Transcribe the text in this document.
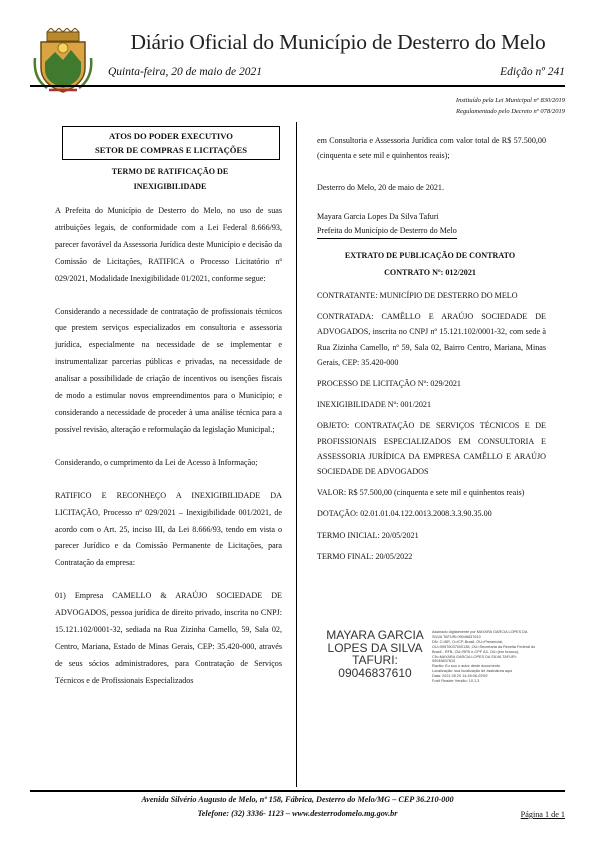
Diário Oficial do Município de Desterro do Melo
Quinta-feira, 20 de maio de 2021	Edição nº 241
Instituído pela Lei Municipal nº 830/2019
Regulamentado pelo Decreto nº 078/2019
ATOS DO PODER EXECUTIVO
SETOR DE COMPRAS E LICITAÇÕES
TERMO DE RATIFICAÇÃO DE
INEXIGIBILIDADE

A Prefeita do Município de Desterro do Melo, no uso de suas atribuições legais, de conformidade com a Lei Federal 8.666/93, parecer favorável da Assessoria Jurídica deste Município e decisão da Comissão de Licitações, RATIFICA o Processo Licitatório nº 029/2021, Modalidade Inexigibilidade 01/2021, conforme segue:

Considerando a necessidade de contratação de profissionais técnicos que prestem serviços especializados em consultoria e assessoria jurídica, especialmente na necessidade de se implementar e instrumentalizar parcerias públicas e privadas, na necessidade de analisar a possibilidade de criação de incentivos ou isenções fiscais de modo a estimular novos empreendimentos para o Município; e considerando a necessidade de proceder à uma análise técnica para a possível revisão, alteração e reformulação da legislação Municipal.;

Considerando, o cumprimento da Lei de Acesso à Informação;

RATIFICO E RECONHEÇO A INEXIGIBILIDADE DA LICITAÇÃO, Processo nº 029/2021 – Inexigibilidade 001/2021, de acordo com o Art. 25, inciso III, da Lei 8.666/93, tendo em vista o parecer Jurídico e da Comissão Permanente de Licitações, para Contratação da empresa:

01) Empresa CAMELLO & ARAÚJO SOCIEDADE DE ADVOGADOS, pessoa jurídica de direito privado, inscrita no CNPJ: 15.121.102/0001-32, sediada na Rua Zizinha Camello, 59, Sala 02, Centro, Mariana, Estado de Minas Gerais, CEP: 35.420-000, através de seus sócios administradores, para Contratação de Serviços Técnicos e de Profissionais Especializados

em Consultoria e Assessoria Jurídica com valor total de R$ 57.500,00 (cinquenta e sete mil e quinhentos reais);

Desterro do Melo, 20 de maio de 2021.
Mayara Garcia Lopes Da Silva Tafuri
Prefeita do Município de Desterro do Melo
EXTRATO DE PUBLICAÇÃO DE CONTRATO
CONTRATO Nº: 012/2021

CONTRATANTE: MUNICÍPIO DE DESTERRO DO MELO

CONTRATADA: CAMÊLLO E ARAÚJO SOCIEDADE DE ADVOGADOS, inscrita no CNPJ nº 15.121.102/0001-32, com sede à Rua Zizinha Camello, nº 59, Sala 02, Bairro Centro, Mariana, Minas Gerais, CEP: 35.420-000

PROCESSO DE LICITAÇÃO Nº: 029/2021

INEXIGIBILIDADE Nº: 001/2021

OBJETO: CONTRATAÇÃO DE SERVIÇOS TÉCNICOS E DE PROFISSIONAIS ESPECIALIZADOS EM CONSULTORIA E ASSESSORIA JURÍDICA DA EMPRESA CAMÊLLO E ARAÚJO SOCIEDADE DE ADVOGADOS

VALOR: R$ 57.500,00 (cinquenta e sete mil e quinhentos reais)

DOTAÇÃO: 02.01.01.04.122.0013.2008.3.3.90.35.00

TERMO INICIAL: 20/05/2021

TERMO FINAL: 20/05/2022

MAYARA GARCIA
LOPES DA SILVA
TAFURI:
09046837610
Assinado digitalmente por MAYARA GARCIA LOPES DA
SILVA TAFURI:09046837610
DN: C=BR, O=ICP-Brasil, OU=Presencial,
OU=09576037000138, OU=Secretaria da Receita Federal do
Brasil - RFB, OU=RFB e-CPF A3, OU=(em branco),
CN=MAYARA GARCIA LOPES DA SILVA TAFURI:
09046837610
Razão: Eu sou o autor deste documento
Localização: sua localização de assinatura aqui
Data: 2021.05.20 14:45:06-03'00'
Foxit Reader Versão: 10.1.3
Avenida Silvério Augusto de Melo, nº 158, Fábrica, Desterro do Melo/MG – CEP 36.210-000
Telefone: (32) 3336- 1123 – www.desterrodomelo.mg.gov.br	Página 1 de 1
